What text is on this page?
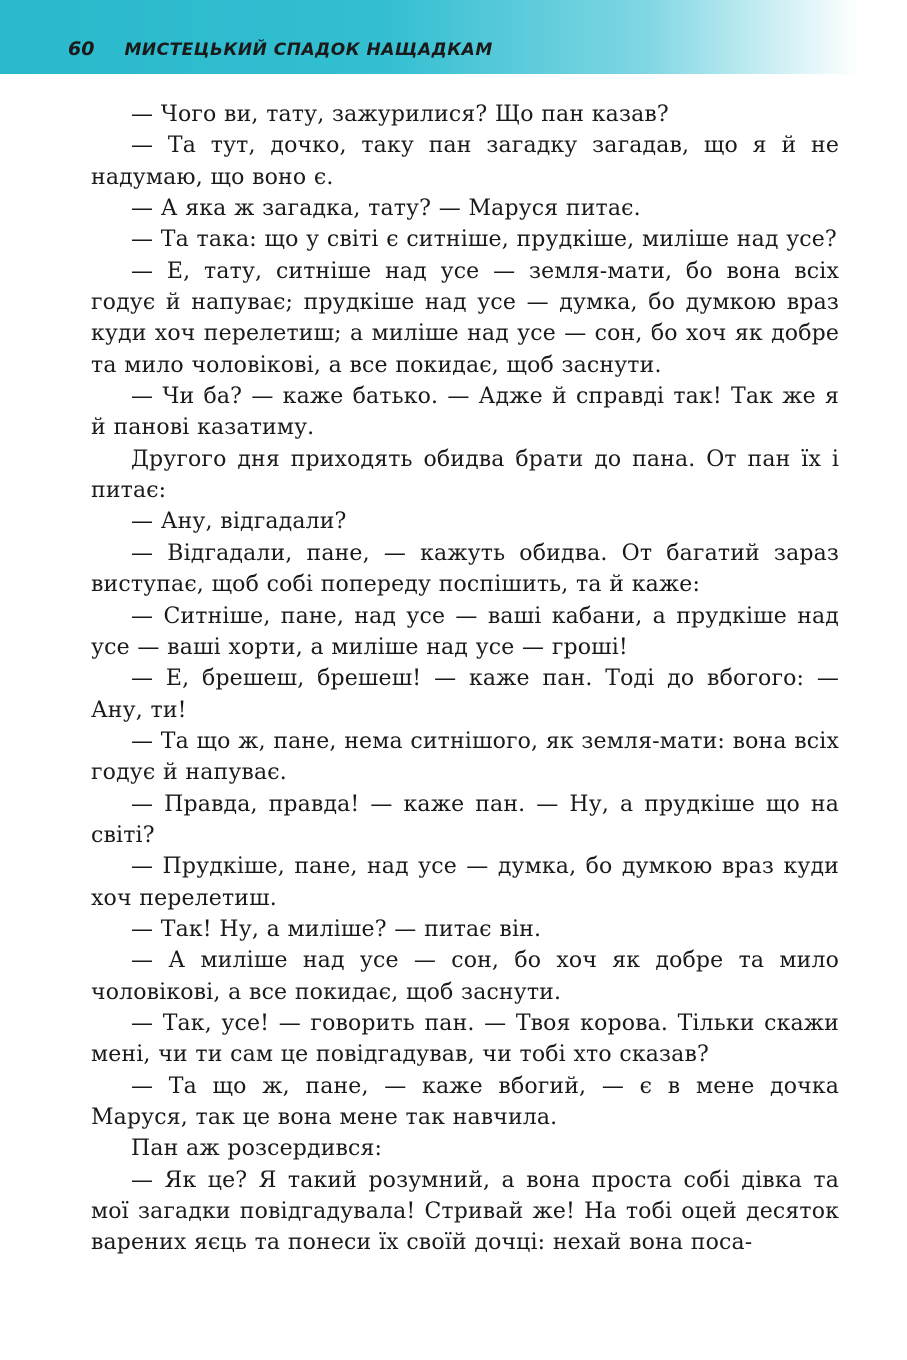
60 МИСТЕЦЬКИЙ СПАДОК НАЩАДКАМ

— Чого ви, тату, зажурилися? Що пан казав?

— Та тут, дочко, таку пан загадку загадав, що я й не надумаю, що воно є.

— А яка ж загадка, тату? — Маруся питає.

— Та така: що у світі є ситніше, прудкіше, миліше над усе?

— Е, тату, ситніше над усе — земля-мати, бо вона всіх годує й напуває; прудкіше над усе — думка, бо думкою враз куди хоч перелетиш; а миліше над усе — сон, бо хоч як добре та мило чоловікові, а все покидає, щоб заснути.

— Чи ба? — каже батько. — Адже й справді так! Так же я й панові казатиму.

Другого дня приходять обидва брати до пана. От пан їх і питає:

— Ану, відгадали?

— Відгадали, пане, — кажуть обидва. От багатий зараз виступає, щоб собі попереду поспішить, та й каже:

— Ситніше, пане, над усе — ваші кабани, а прудкіше над усе — ваші хорти, а миліше над усе — гроші!

— Е, брешеш, брешеш! — каже пан. Тоді до вбогого: — Ану, ти!

— Та що ж, пане, нема ситнішого, як земля-мати: вона всіх годує й напуває.

— Правда, правда! — каже пан. — Ну, а прудкіше що на світі?

— Прудкіше, пане, над усе — думка, бо думкою враз куди хоч перелетиш.

— Так! Ну, а миліше? — питає він.

— А миліше над усе — сон, бо хоч як добре та мило чоловікові, а все покидає, щоб заснути.

— Так, усе! — говорить пан. — Твоя корова. Тільки скажи мені, чи ти сам це повідгадував, чи тобі хто сказав?

— Та що ж, пане, — каже вбогий, — є в мене дочка Маруся, так це вона мене так навчила.

Пан аж розсердився:

— Як це? Я такий розумний, а вона проста собі дівка та мої загадки повідгадувала! Стривай же! На тобі оцей десяток варених яєць та понеси їх своїй дочці: нехай вона поса-
